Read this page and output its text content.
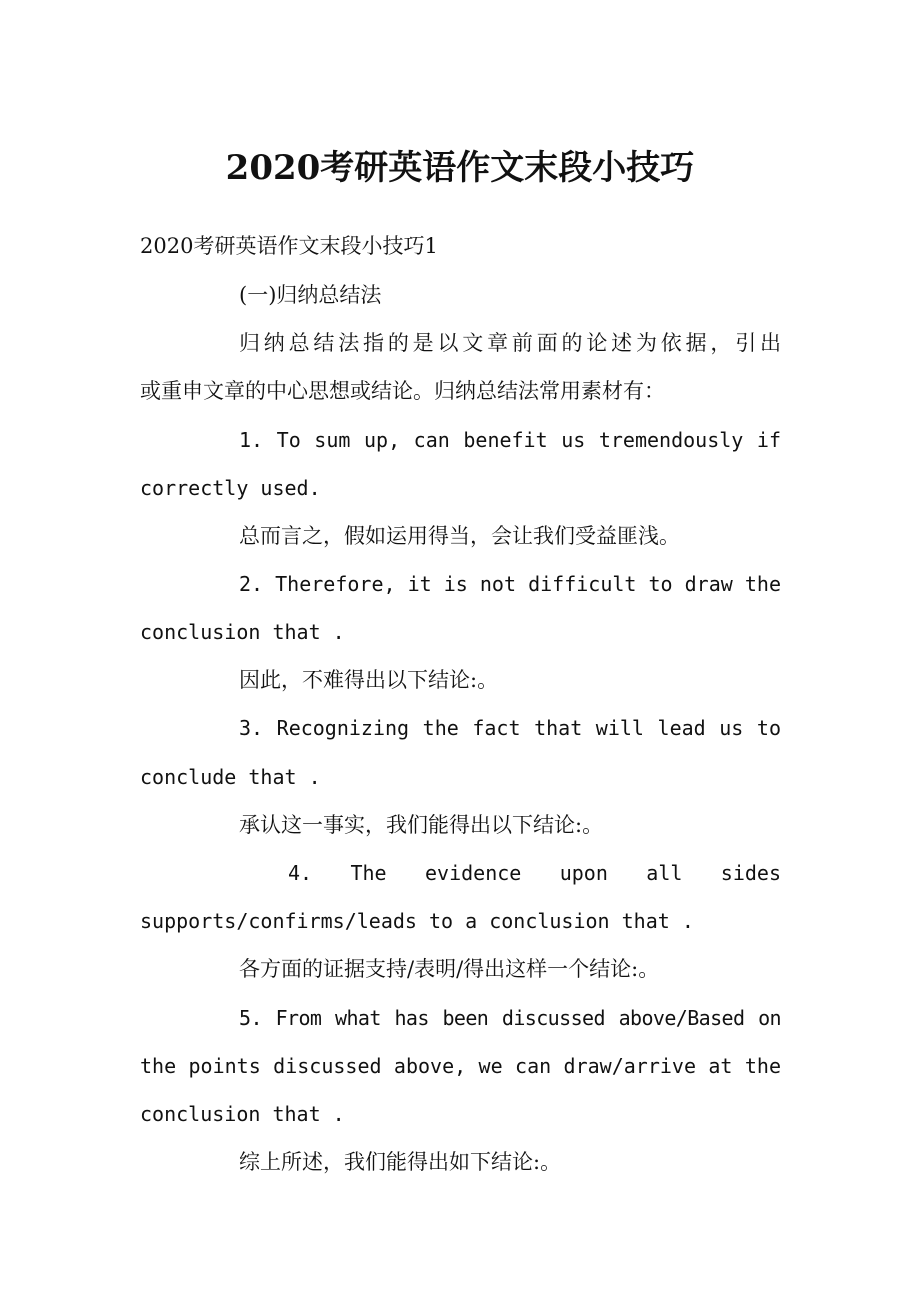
2020考研英语作文末段小技巧
2020考研英语作文末段小技巧1
(一)归纳总结法
归纳总结法指的是以文章前面的论述为依据，引出
或重申文章的中心思想或结论。归纳总结法常用素材有：
1. To sum up, can benefit us tremendously if
correctly used.
总而言之，假如运用得当，会让我们受益匪浅。
2. Therefore, it is not difficult to draw the
conclusion that .
因此，不难得出以下结论:。
3. Recognizing the fact that will lead us to
conclude that .
承认这一事实，我们能得出以下结论:。
4. The evidence upon all sides
supports/confirms/leads to a conclusion that .
各方面的证据支持/表明/得出这样一个结论:。
5. From what has been discussed above/Based on
the points discussed above, we can draw/arrive at the
conclusion that .
综上所述，我们能得出如下结论:。
